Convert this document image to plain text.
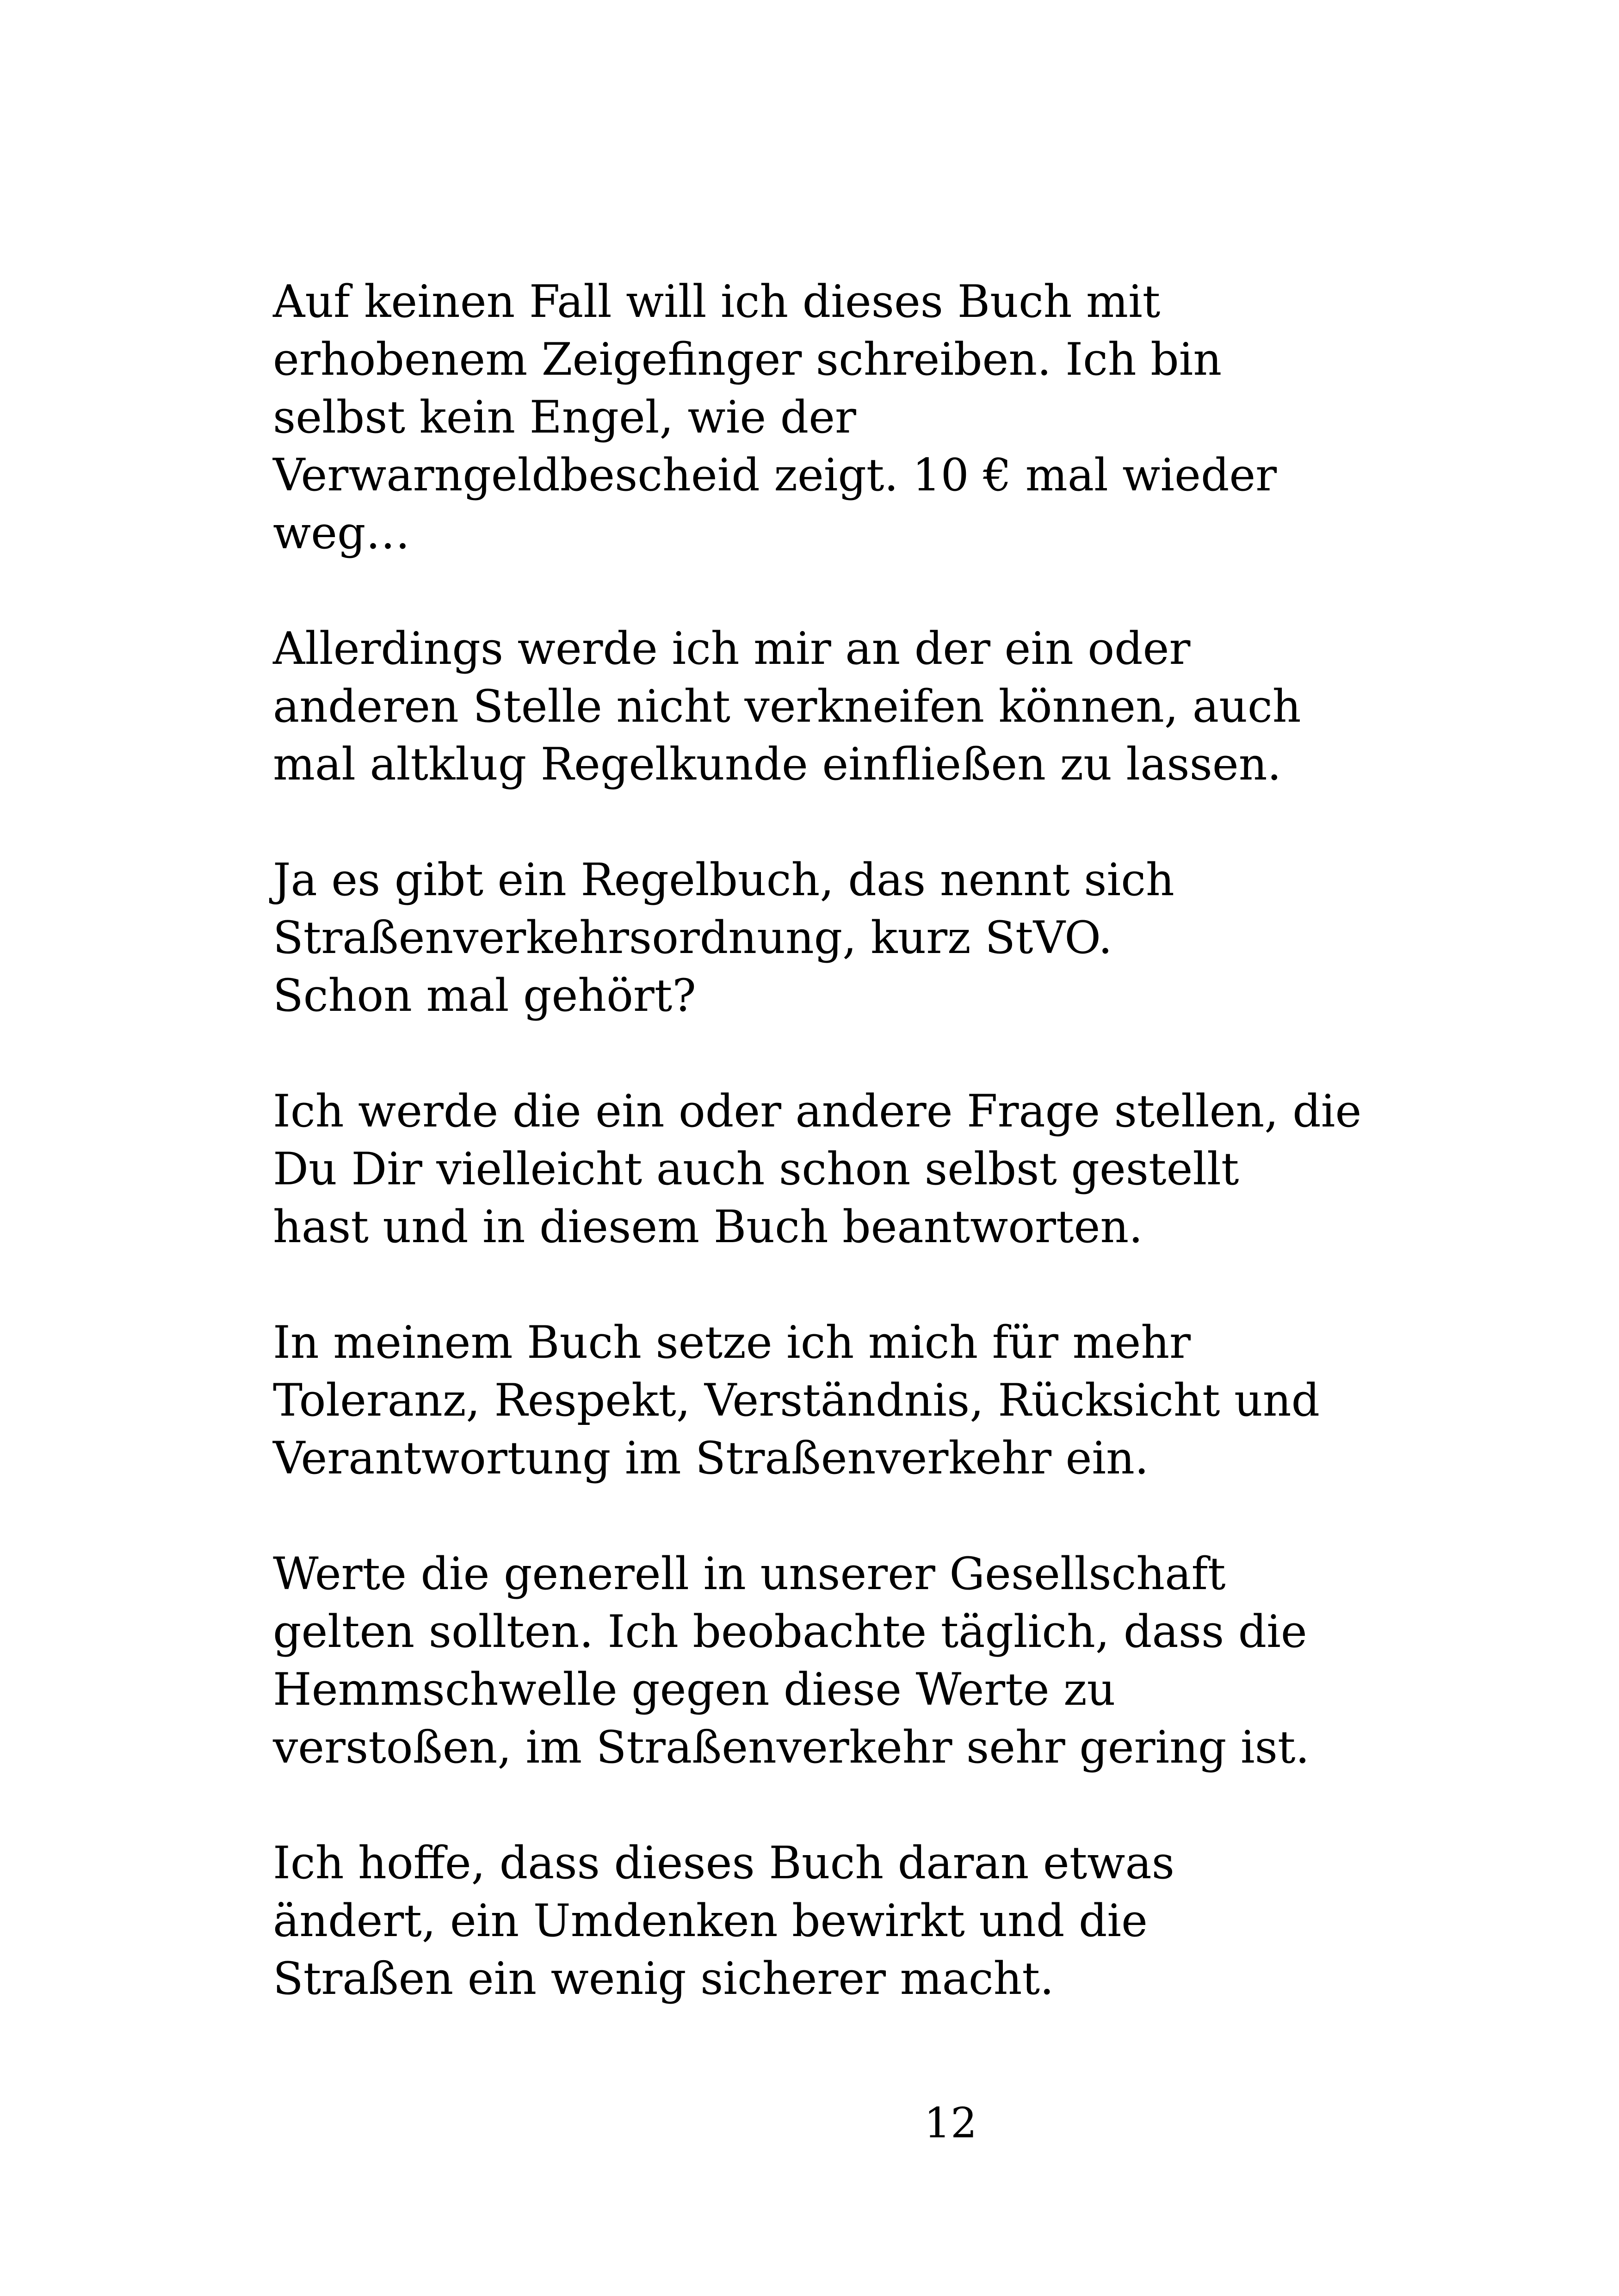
Auf keinen Fall will ich dieses Buch mit
erhobenem Zeigefinger schreiben. Ich bin
selbst kein Engel, wie der
Verwarngeldbescheid zeigt. 10 € mal wieder
weg…

Allerdings werde ich mir an der ein oder
anderen Stelle nicht verkneifen können, auch
mal altklug Regelkunde einfließen zu lassen.

Ja es gibt ein Regelbuch, das nennt sich
Straßenverkehrsordnung, kurz StVO.
Schon mal gehört?

Ich werde die ein oder andere Frage stellen, die
Du Dir vielleicht auch schon selbst gestellt
hast und in diesem Buch beantworten.

In meinem Buch setze ich mich für mehr
Toleranz, Respekt, Verständnis, Rücksicht und
Verantwortung im Straßenverkehr ein.

Werte die generell in unserer Gesellschaft
gelten sollten. Ich beobachte täglich, dass die
Hemmschwelle gegen diese Werte zu
verstoßen, im Straßenverkehr sehr gering ist.

Ich hoffe, dass dieses Buch daran etwas
ändert, ein Umdenken bewirkt und die
Straßen ein wenig sicherer macht.

12
